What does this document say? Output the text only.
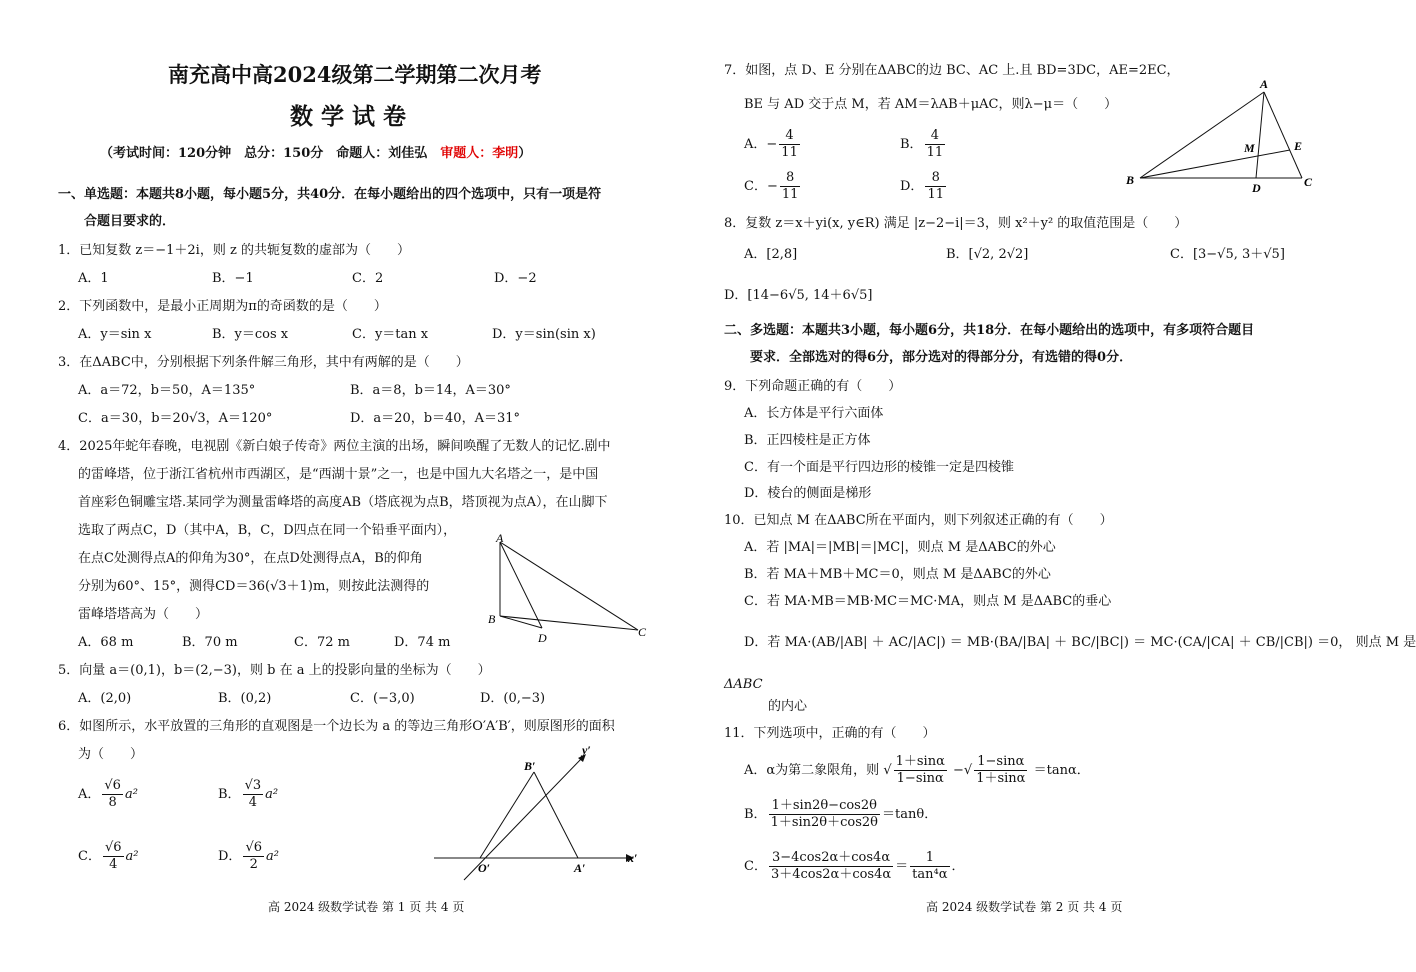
南充高中高2024级第二学期第二次月考
数学试卷
（考试时间：120分钟　总分：150分　命题人：刘佳弘　审题人：李明）
一、单选题：本题共8小题，每小题5分，共40分．在每小题给出的四个选项中，只有一项是符
合题目要求的．
1．已知复数 z＝−1＋2i，则 z 的共轭复数的虚部为（　　）
A．1	B．−1	C．2	D．−2
2．下列函数中，是最小正周期为π的奇函数的是（　　）
A．y＝sin x	B．y＝cos x	C．y＝tan x	D．y＝sin(sin x)
3．在ΔABC中，分别根据下列条件解三角形，其中有两解的是（　　）
A．a＝72，b＝50，A＝135°	B．a＝8，b＝14，A＝30°
C．a＝30，b＝20√3，A＝120°	D．a＝20，b＝40，A＝31°
4．2025年蛇年春晚，电视剧《新白娘子传奇》两位主演的出场，瞬间唤醒了无数人的记忆.剧中
的雷峰塔，位于浙江省杭州市西湖区，是“西湖十景”之一，也是中国九大名塔之一，是中国
首座彩色铜雕宝塔.某同学为测量雷峰塔的高度AB（塔底视为点B，塔顶视为点A），在山脚下
选取了两点C，D（其中A，B，C，D四点在同一个铅垂平面内），
在点C处测得点A的仰角为30°，在点D处测得点A，B的仰角
分别为60°、15°，测得CD＝36(√3＋1)m，则按此法测得的
雷峰塔塔高为（　　）
A．68 m	B．70 m	C．72 m	D．74 m
A
B
C
D
5．向量 a＝(0,1)，b＝(2,−3)，则 b 在 a 上的投影向量的坐标为（　　）
A．(2,0)	B．(0,2)	C．(−3,0)	D．(0,−3)
6．如图所示，水平放置的三角形的直观图是一个边长为 a 的等边三角形O′A′B′，则原图形的面积
为（　　）
A． $\frac{√6}{8} a^2$	B． $\frac{√3}{4} a^2$
C． $\frac{√6}{4} a^2$	D． $\frac{√6}{2} a^2$
B′
O′	A′
x′
y′
高 2024 级数学试卷 第 1 页 共 4 页
7．如图，点 D、E 分别在ΔABC的边 BC、AC 上.且 BD=3DC，AE=2EC，
BE 与 AD 交于点 M，若 AM＝λAB＋μAC，则λ−μ＝（　　）
A．− $\frac{4}{11}$	B． $\frac{4}{11}$
C．− $\frac{8}{11}$	D． $\frac{8}{11}$
A
B	C
D
E
M
8．复数 z＝x＋yi(x, y∈R) 满足 |z−2−i|＝3，则 x²＋y² 的取值范围是（　　）
A．[2,8]	B．[√2, 2√2]	C．[3−√5, 3＋√5]
D．[14−6√5, 14＋6√5]
二、多选题：本题共3小题，每小题6分，共18分．在每小题给出的选项中，有多项符合题目
要求．全部选对的得6分，部分选对的得部分分，有选错的得0分．
9．下列命题正确的有（　　）
A．长方体是平行六面体
B．正四棱柱是正方体
C．有一个面是平行四边形的棱锥一定是四棱锥
D．棱台的侧面是梯形
10．已知点 M 在ΔABC所在平面内，则下列叙述正确的有（　　）
A．若 |MA|＝|MB|＝|MC|，则点 M 是ΔABC的外心
B．若 MA＋MB＋MC＝0，则点 M 是ΔABC的外心
C．若 MA·MB＝MB·MC＝MC·MA，则点 M 是ΔABC的垂心
D．若 MA·(AB/|AB| ＋ AC/|AC|) ＝ MB·(BA/|BA| ＋ BC/|BC|) ＝ MC·(CA/|CA| ＋ CB/|CB|) ＝0， 则点 M 是
ΔABC
的内心
11．下列选项中，正确的有（　　）
A．α为第二象限角，则 √ $\frac{1+\sin\alpha}{1-\sin\alpha}$ −√ $\frac{1-\sin\alpha}{1+\sin\alpha} =\tan\alpha$．
B． $\frac{1+\sin 2\theta-\cos 2\theta}{1+\sin 2\theta+\cos 2\theta} =\tan\theta$．
C． $\frac{3-4\cos 2\alpha+\cos 4\alpha}{3+4\cos 2\alpha+\cos 4\alpha} = \frac{1}{\text{tan⁴α}}$ ．
高 2024 级数学试卷 第 2 页 共 4 页
